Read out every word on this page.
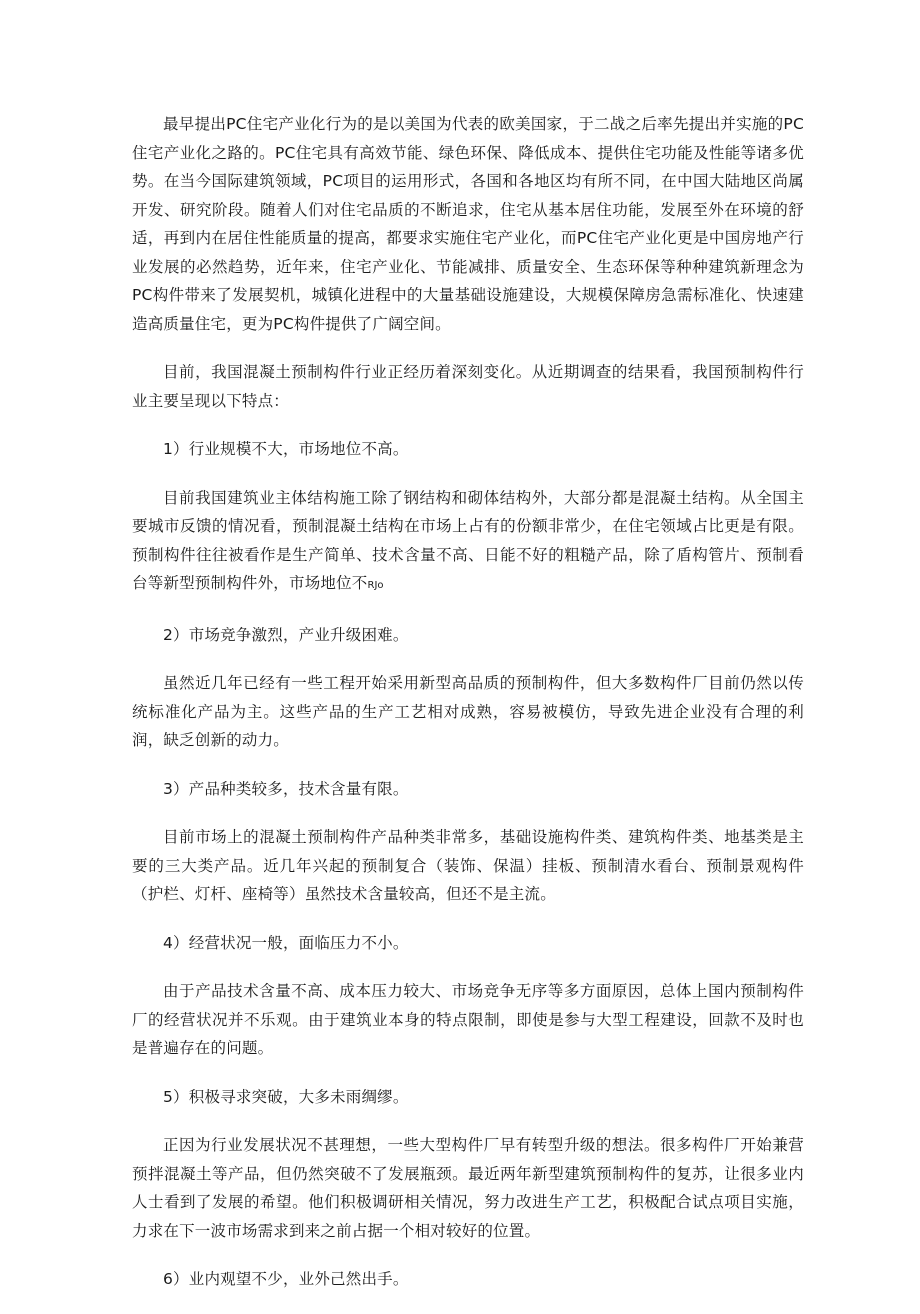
最早提出PC住宅产业化行为的是以美国为代表的欧美国家，于二战之后率先提出并实施的PC住宅产业化之路的。PC住宅具有高效节能、绿色环保、降低成本、提供住宅功能及性能等诸多优势。在当今国际建筑领域，PC项目的运用形式，各国和各地区均有所不同，在中国大陆地区尚属开发、研究阶段。随着人们对住宅品质的不断追求，住宅从基本居住功能，发展至外在环境的舒适，再到内在居住性能质量的提高，都要求实施住宅产业化，而PC住宅产业化更是中国房地产行业发展的必然趋势，近年来，住宅产业化、节能减排、质量安全、生态环保等种种建筑新理念为PC构件带来了发展契机，城镇化进程中的大量基础设施建设，大规模保障房急需标准化、快速建造高质量住宅，更为PC构件提供了广阔空间。

目前，我国混凝土预制构件行业正经历着深刻变化。从近期调查的结果看，我国预制构件行业主要呈现以下特点：

1）行业规模不大，市场地位不高。

目前我国建筑业主体结构施工除了钢结构和砌体结构外，大部分都是混凝土结构。从全国主要城市反馈的情况看，预制混凝土结构在市场上占有的份额非常少，在住宅领域占比更是有限。预制构件往往被看作是生产简单、技术含量不高、日能不好的粗糙产品，除了盾构管片、预制看台等新型预制构件外，市场地位不RJo

2）市场竞争激烈，产业升级困难。

虽然近几年已经有一些工程开始采用新型高品质的预制构件，但大多数构件厂目前仍然以传统标准化产品为主。这些产品的生产工艺相对成熟，容易被模仿，导致先进企业没有合理的利润，缺乏创新的动力。

3）产品种类较多，技术含量有限。

目前市场上的混凝土预制构件产品种类非常多，基础设施构件类、建筑构件类、地基类是主要的三大类产品。近几年兴起的预制复合（装饰、保温）挂板、预制清水看台、预制景观构件（护栏、灯杆、座椅等）虽然技术含量较高，但还不是主流。

4）经营状况一般，面临压力不小。

由于产品技术含量不高、成本压力较大、市场竞争无序等多方面原因，总体上国内预制构件厂的经营状况并不乐观。由于建筑业本身的特点限制，即使是参与大型工程建设，回款不及时也是普遍存在的问题。

5）积极寻求突破，大多未雨绸缪。

正因为行业发展状况不甚理想，一些大型构件厂早有转型升级的想法。很多构件厂开始兼营预拌混凝土等产品，但仍然突破不了发展瓶颈。最近两年新型建筑预制构件的复苏，让很多业内人士看到了发展的希望。他们积极调研相关情况，努力改进生产工艺，积极配合试点项目实施，力求在下一波市场需求到来之前占据一个相对较好的位置。

6）业内观望不少，业外己然出手。
